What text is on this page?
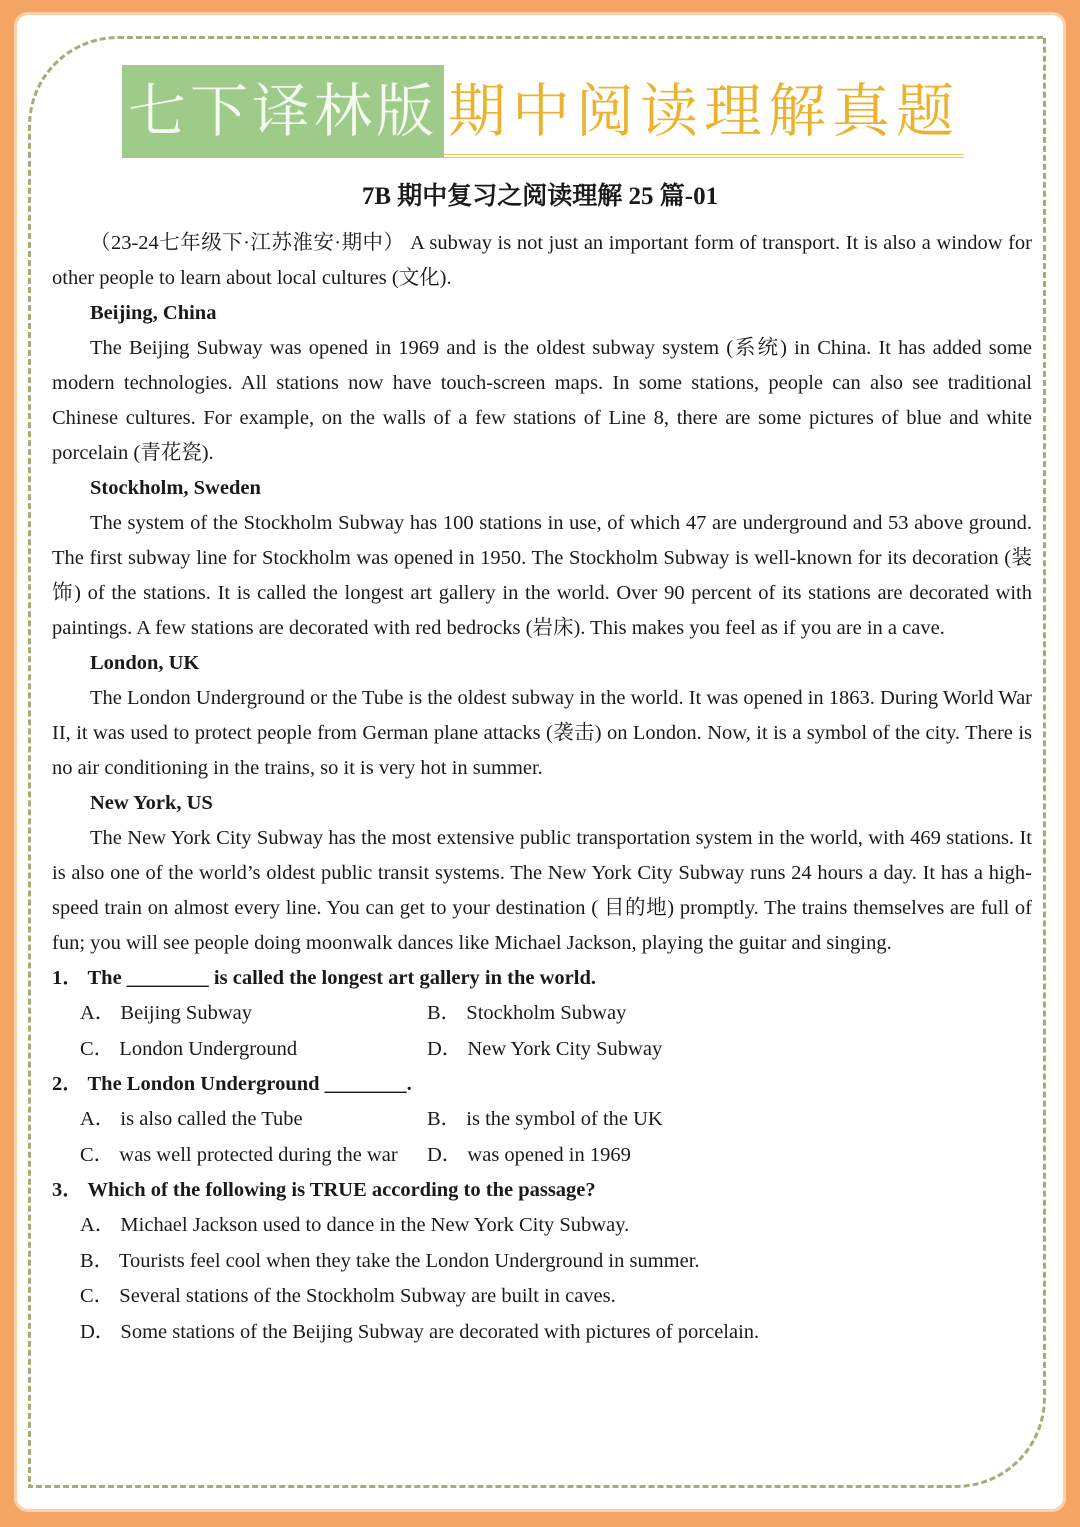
七下译林版 期中阅读理解真题
7B 期中复习之阅读理解 25 篇-01

（23-24七年级下·江苏淮安·期中） A subway is not just an important form of transport. It is also a window for other people to learn about local cultures (文化).

Beijing, China

The Beijing Subway was opened in 1969 and is the oldest subway system (系统) in China. It has added some modern technologies. All stations now have touch-screen maps. In some stations, people can also see traditional Chinese cultures. For example, on the walls of a few stations of Line 8, there are some pictures of blue and white porcelain (青花瓷).

Stockholm, Sweden

The system of the Stockholm Subway has 100 stations in use, of which 47 are underground and 53 above ground. The first subway line for Stockholm was opened in 1950. The Stockholm Subway is well-known for its decoration (装饰) of the stations. It is called the longest art gallery in the world. Over 90 percent of its stations are decorated with paintings. A few stations are decorated with red bedrocks (岩床). This makes you feel as if you are in a cave.

London, UK

The London Underground or the Tube is the oldest subway in the world. It was opened in 1863. During World War II, it was used to protect people from German plane attacks (袭击) on London. Now, it is a symbol of the city. There is no air conditioning in the trains, so it is very hot in summer.

New York, US

The New York City Subway has the most extensive public transportation system in the world, with 469 stations. It is also one of the world’s oldest public transit systems. The New York City Subway runs 24 hours a day. It has a high-speed train on almost every line. You can get to your destination ( 目的地) promptly. The trains themselves are full of fun; you will see people doing moonwalk dances like Michael Jackson, playing the guitar and singing.

1． The ________ is called the longest art gallery in the world.
A． Beijing Subway	B． Stockholm Subway
C． London Underground	D． New York City Subway
2． The London Underground ________.
A． is also called the Tube	B． is the symbol of the UK
C． was well protected during the war	D． was opened in 1969
3． Which of the following is TRUE according to the passage?
A． Michael Jackson used to dance in the New York City Subway.
B． Tourists feel cool when they take the London Underground in summer.
C． Several stations of the Stockholm Subway are built in caves.
D． Some stations of the Beijing Subway are decorated with pictures of porcelain.
